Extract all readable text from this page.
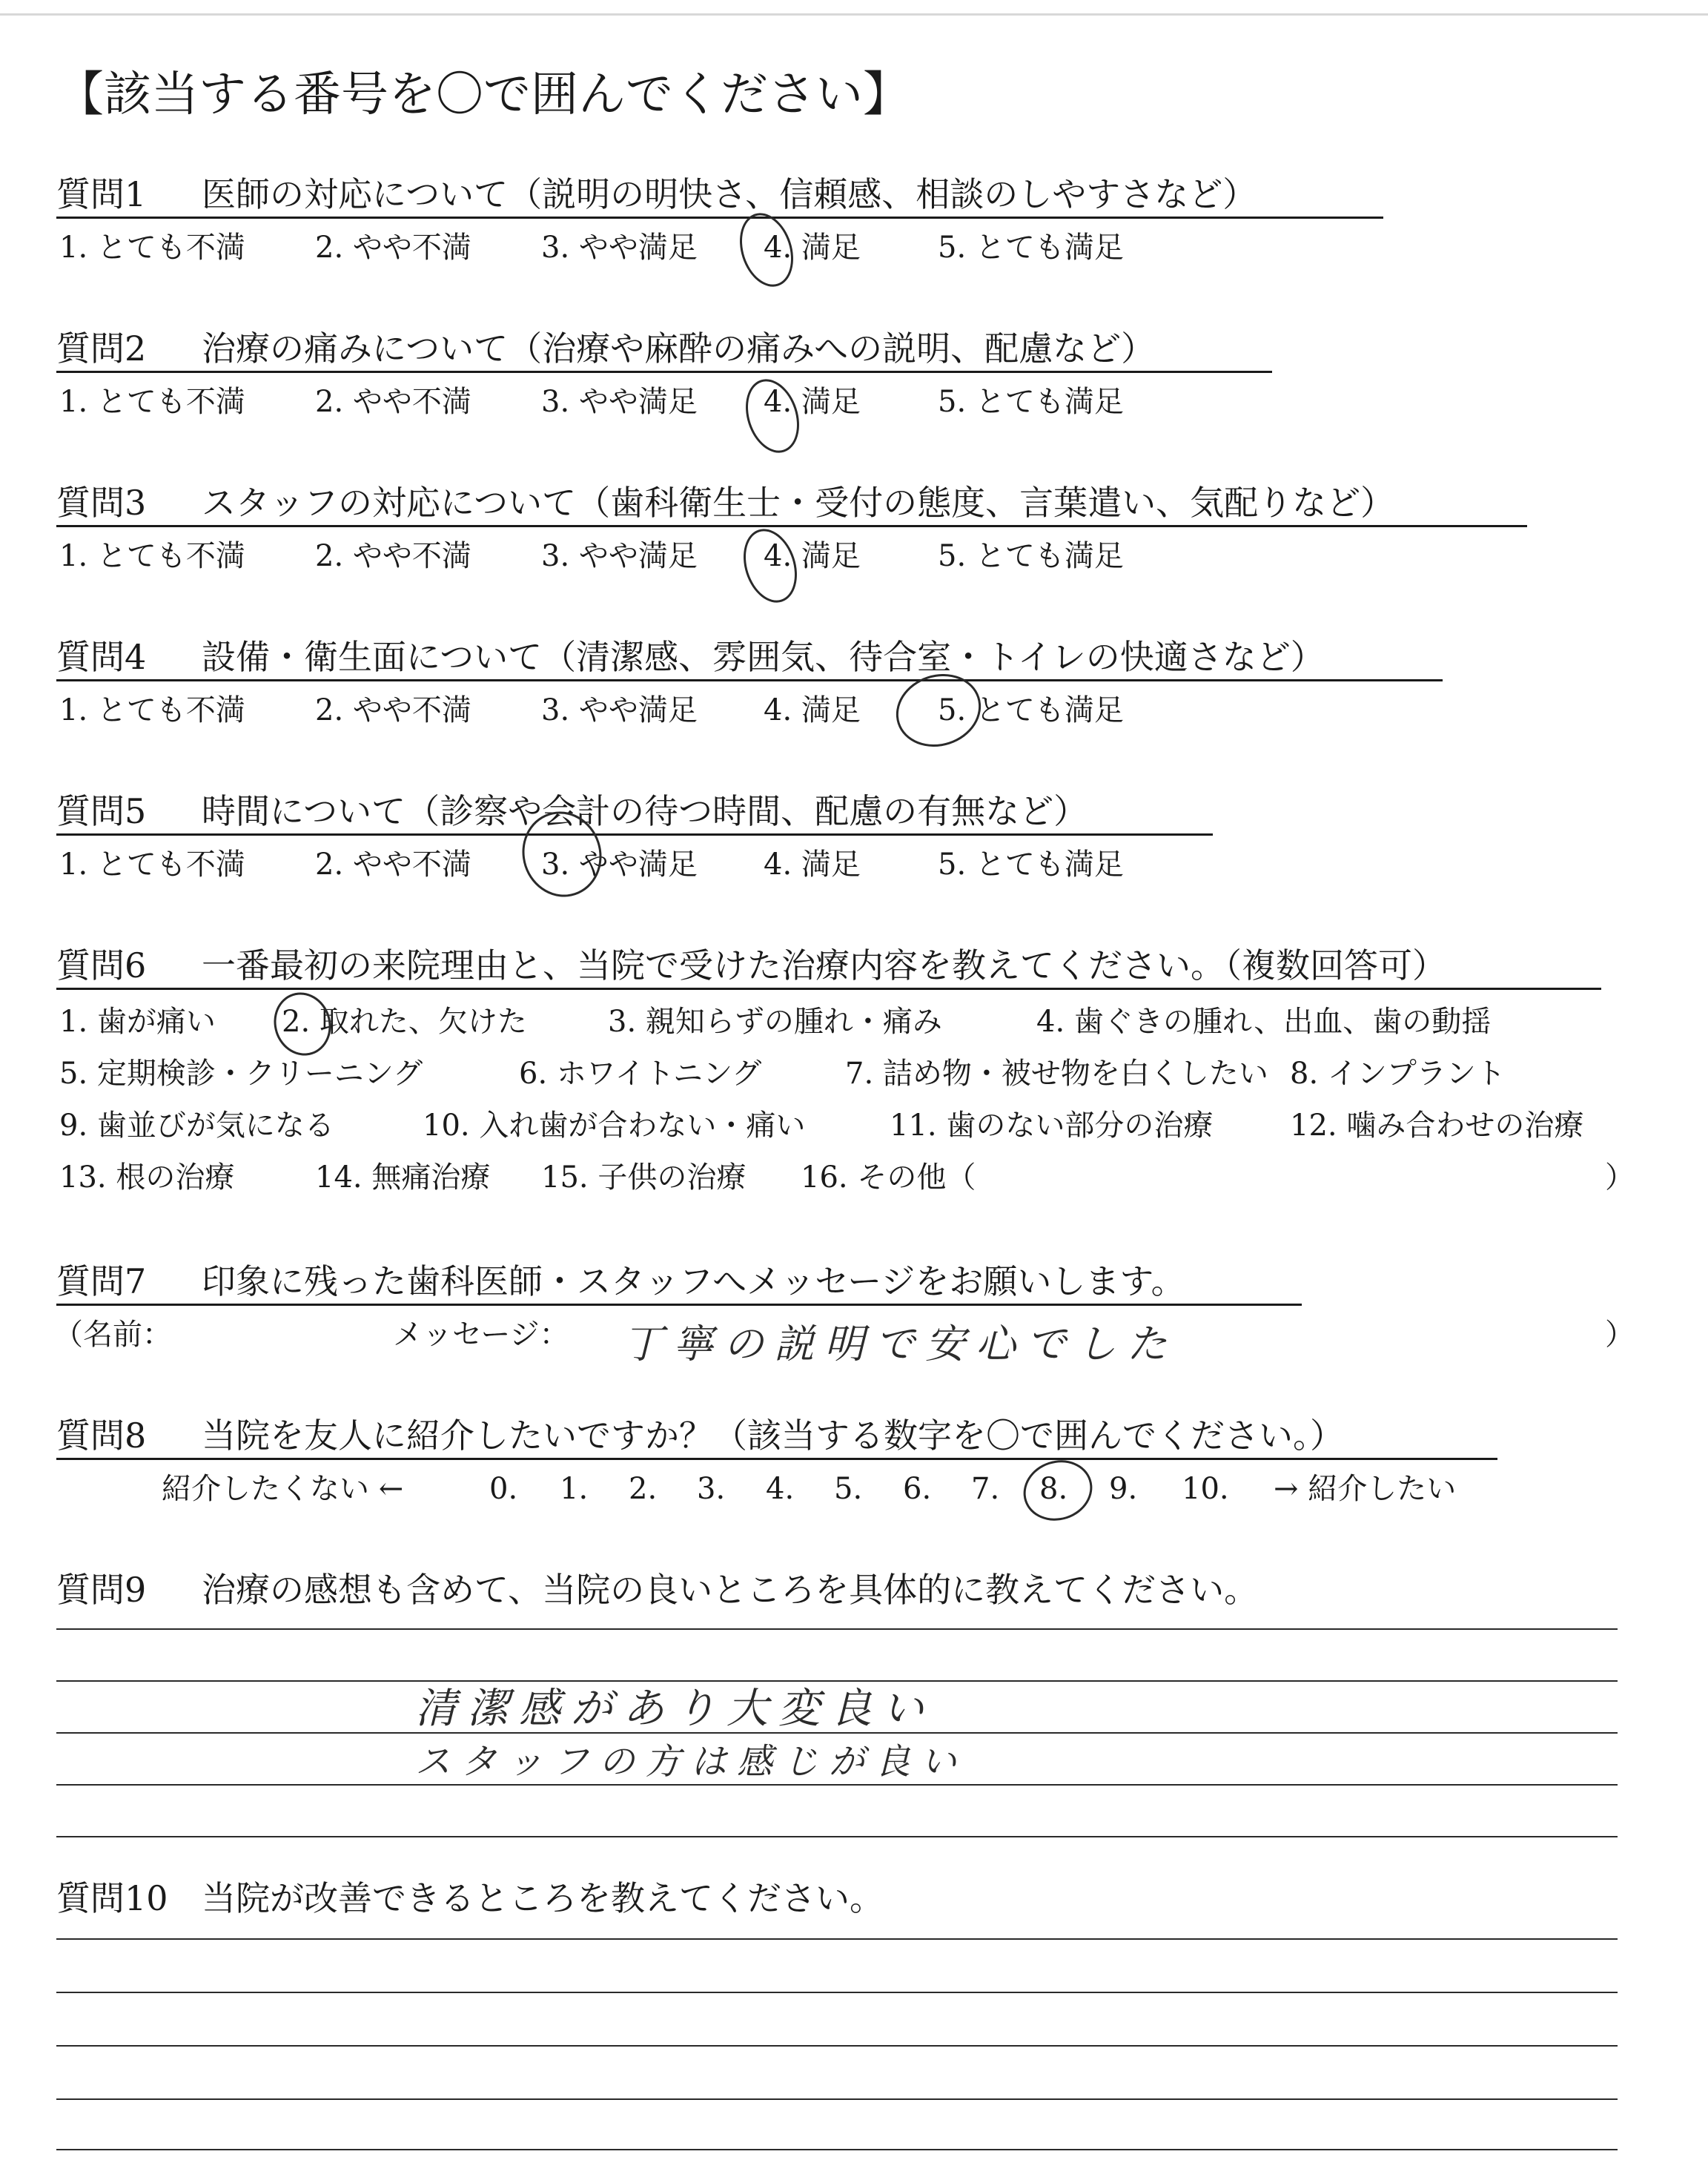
【該当する番号を〇で囲んでください】
質問1 医師の対応について（説明の明快さ、信頼感、相談のしやすさなど）
1. とても不満 2. やや不満 3. やや満足 4. 満足	5. とても満足
質問2 治療の痛みについて（治療や麻酔の痛みへの説明、配慮など）
1. とても不満 2. やや不満 3. やや満足 4. 満足	5. とても満足
質問3 スタッフの対応について（歯科衛生士・受付の態度、言葉遣い、気配りなど）
1. とても不満 2. やや不満 3. やや満足 4. 満足	5. とても満足
質問4 設備・衛生面について（清潔感、雰囲気、待合室・トイレの快適さなど）
1. とても不満 2. やや不満 3. やや満足 4. 満足	5. とても満足
質問5 時間について（診察や会計の待つ時間、配慮の有無など）
1. とても不満 2. やや不満 3. やや満足 4. 満足	5. とても満足
質問6 一番最初の来院理由と、当院で受けた治療内容を教えてください。（複数回答可）
1. 歯が痛い 2. 取れた、欠けた	3. 親知らずの腫れ・痛み	4. 歯ぐきの腫れ、出血、歯の動揺
5. 定期検診・クリーニング	6. ホワイトニング	7. 詰め物・被せ物を白くしたい 8. インプラント
9. 歯並びが気になる	10. 入れ歯が合わない・痛い	11. 歯のない部分の治療	12. 噛み合わせの治療
13. 根の治療	14. 無痛治療 15. 子供の治療 16. その他（	）
質問7 印象に残った歯科医師・スタッフへメッセージをお願いします。
（名前：	メッセージ： 丁寧の説明で安心でした	）
質問8 当院を友人に紹介したいですか？（該当する数字を〇で囲んでください。）
紹介したくない ←	0. 1. 2. 3. 4. 5. 6. 7. 8. 9. 10. → 紹介したい
質問9 治療の感想も含めて、当院の良いところを具体的に教えてください。
清潔感があり大変良い
スタッフの方は感じが良い
質問10 当院が改善できるところを教えてください。
